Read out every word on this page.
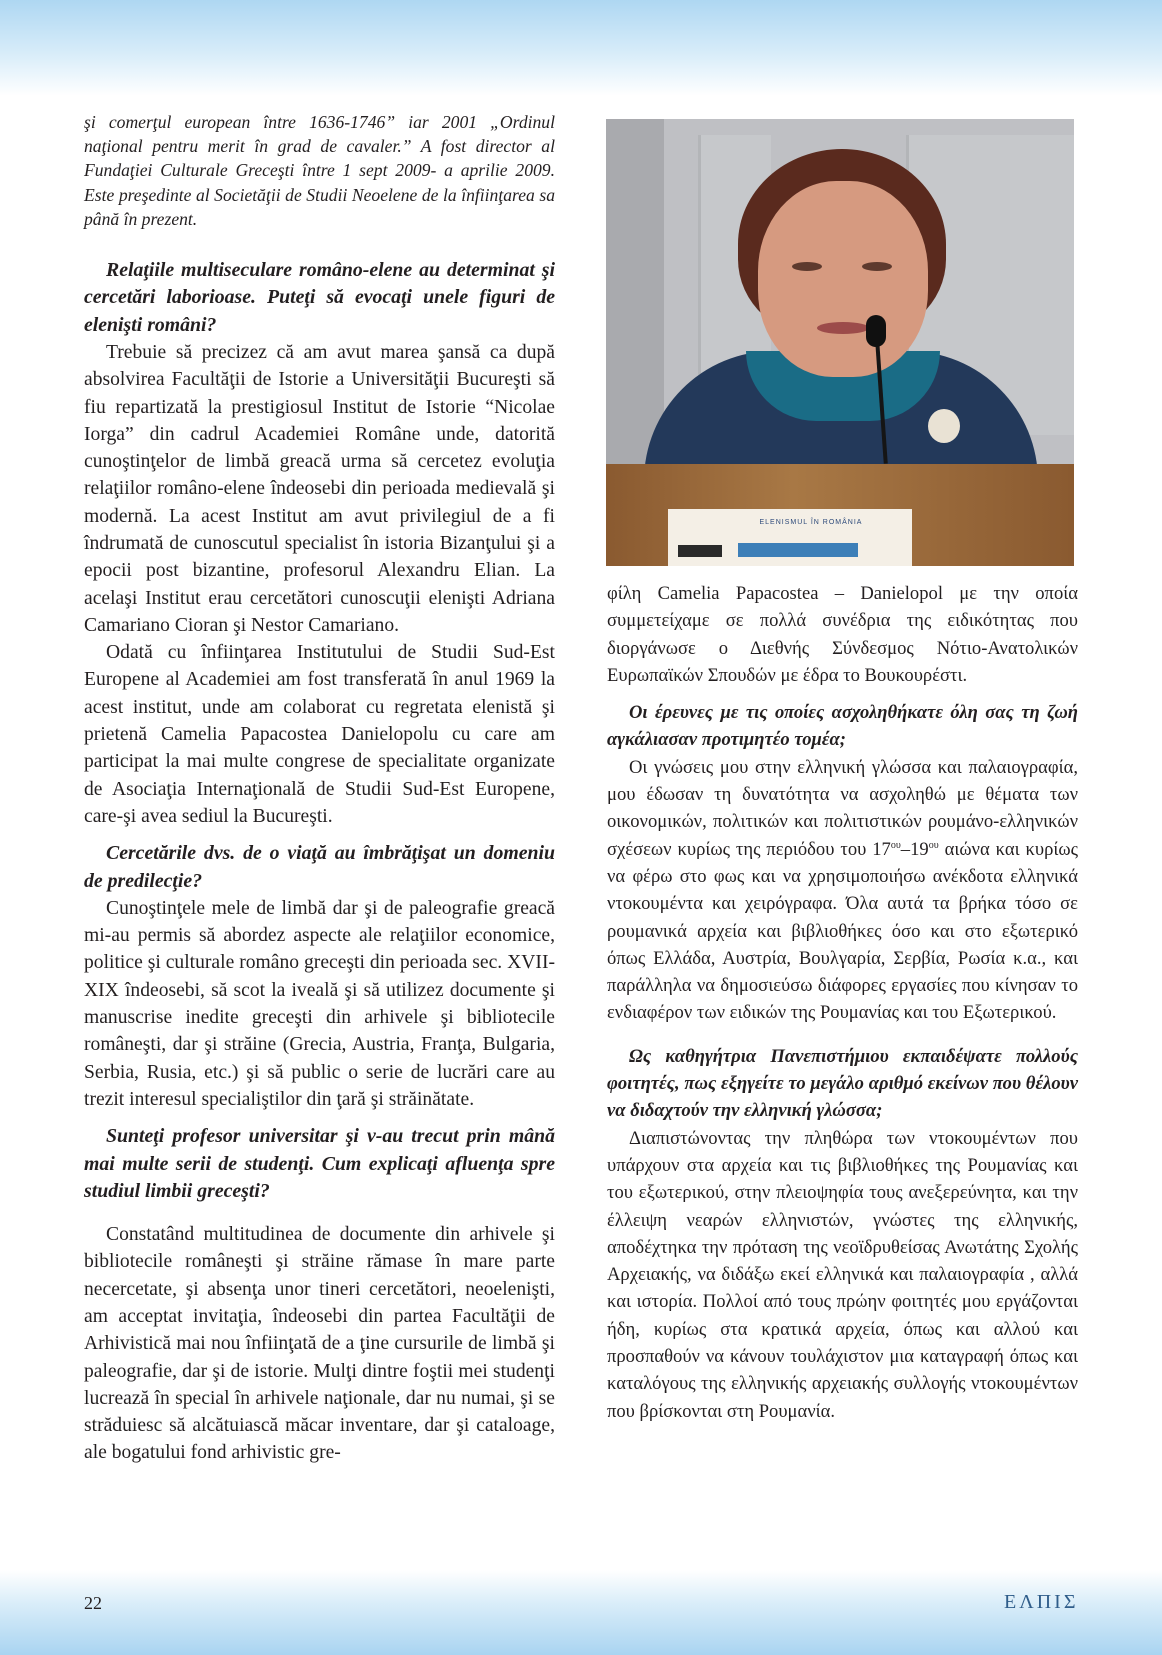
şi comerţul european între 1636-1746” iar 2001 „Ordinul naţional pentru merit în grad de cavaler.” A fost director al Fundaţiei Culturale Greceşti între 1 sept 2009- a aprilie 2009. Este preşedinte al Societăţii de Studii Neoelene de la înfiinţarea sa până în prezent.

Relaţiile multiseculare româno-elene au determinat şi cercetări laborioase. Puteţi să evocaţi unele figuri de elenişti români?

Trebuie să precizez că am avut marea şansă ca după absolvirea Facultăţii de Istorie a Universităţii Bucureşti să fiu repartizată la prestigiosul Institut de Istorie “Nicolae Iorga” din cadrul Academiei Române unde, datorită cunoştinţelor de limbă greacă urma să cercetez evoluţia relaţiilor româno-elene îndeosebi din perioada medievală şi modernă. La acest Institut am avut privilegiul de a fi îndrumată de cunoscutul specialist în istoria Bizanţului şi a epocii post bizantine, profesorul Alexandru Elian. La acelaşi Institut erau cercetători cunoscuţii elenişti Adriana Camariano Cioran şi Nestor Camariano.

Odată cu înfiinţarea Institutului de Studii Sud-Est Europene al Academiei am fost transferată în anul 1969 la acest institut, unde am colaborat cu regretata elenistă şi prietenă Camelia Papacostea Danielopolu cu care am participat la mai multe congrese de specialitate organizate de Asociaţia Internaţională de Studii Sud-Est Europene, care-şi avea sediul la Bucureşti.

Cercetările dvs. de o viaţă au îmbrăţişat un domeniu de predilecţie?

Cunoştinţele mele de limbă dar şi de paleografie greacă mi-au permis să abordez aspecte ale relaţiilor economice, politice şi culturale româno greceşti din perioada sec. XVII-XIX îndeosebi, să scot la iveală şi să utilizez documente şi manuscrise inedite greceşti din arhivele şi bibliotecile româneşti, dar şi străine (Grecia, Austria, Franţa, Bulgaria, Serbia, Rusia, etc.) şi să public o serie de lucrări care au trezit interesul specialiştilor din ţară şi străinătate.

Sunteţi profesor universitar şi v-au trecut prin mână mai multe serii de studenţi. Cum explicaţi afluenţa spre studiul limbii greceşti?

Constatând multitudinea de documente din arhivele şi bibliotecile româneşti şi străine rămase în mare parte necercetate, şi absenţa unor tineri cercetători, neoelenişti, am acceptat invitaţia, îndeosebi din partea Facultăţii de Arhivistică mai nou înfiinţată de a ţine cursurile de limbă şi paleografie, dar şi de istorie. Mulţi dintre foştii mei studenţi lucrează în special în arhivele naţionale, dar nu numai, şi se străduiesc să alcătuiască măcar inventare, dar şi cataloage, ale bogatului fond arhivistic gre-

ELENISMUL ÎN ROMÂNIA

φίλη Camelia Papacostea – Danielopol με την οποία συμμετείχαμε σε πολλά συνέδρια της ειδικότητας που διοργάνωσε ο Διεθνής Σύνδεσμος Νότιο-Ανατολικών Ευρωπαϊκών Σπουδών με έδρα το Βουκουρέστι.

Οι έρευνες με τις οποίες ασχοληθήκατε όλη σας τη ζωή αγκάλιασαν προτιμητέο τομέα;

Οι γνώσεις μου στην ελληνική γλώσσα και παλαιογραφία, μου έδωσαν τη δυνατότητα να ασχοληθώ με θέματα των οικονομικών, πολιτικών και πολιτιστικών ρουμάνο-ελληνικών σχέσεων κυρίως της περιόδου του $17^{o\upsilon}-19^{o\upsilon}$ αιώνα και κυρίως να φέρω στο φως και να χρησιμοποιήσω ανέκδοτα ελληνικά ντοκουμέντα και χειρόγραφα. Όλα αυτά τα βρήκα τόσο σε ρουμανικά αρχεία και βιβλιοθήκες όσο και στο εξωτερικό όπως Ελλάδα, Αυστρία, Βουλγαρία, Σερβία, Ρωσία κ.α., και παράλληλα να δημοσιεύσω διάφορες εργασίες που κίνησαν το ενδιαφέρον των ειδικών της Ρουμανίας και του Εξωτερικού.

Ως καθηγήτρια Πανεπιστήμιου εκπαιδέψατε πολλούς φοιτητές, πως εξηγείτε το μεγάλο αριθμό εκείνων που θέλουν να διδαχτούν την ελληνική γλώσσα;

Διαπιστώνοντας την πληθώρα των ντοκουμέντων που υπάρχουν στα αρχεία και τις βιβλιοθήκες της Ρουμανίας και του εξωτερικού, στην πλειοψηφία τους ανεξερεύνητα, και την έλλειψη νεαρών ελληνιστών, γνώστες της ελληνικής, αποδέχτηκα την πρόταση της νεοϊδρυθείσας Ανωτάτης Σχολής Αρχειακής, να διδάξω εκεί ελληνικά και παλαιογραφία , αλλά και ιστορία. Πολλοί από τους πρώην φοιτητές μου εργάζονται ήδη, κυρίως στα κρατικά αρχεία, όπως και αλλού και προσπαθούν να κάνουν τουλάχιστον μια καταγραφή όπως και καταλόγους της ελληνικής αρχειακής συλλογής ντοκουμέντων που βρίσκονται στη Ρουμανία.

22	ΕΛΠΙΣ
